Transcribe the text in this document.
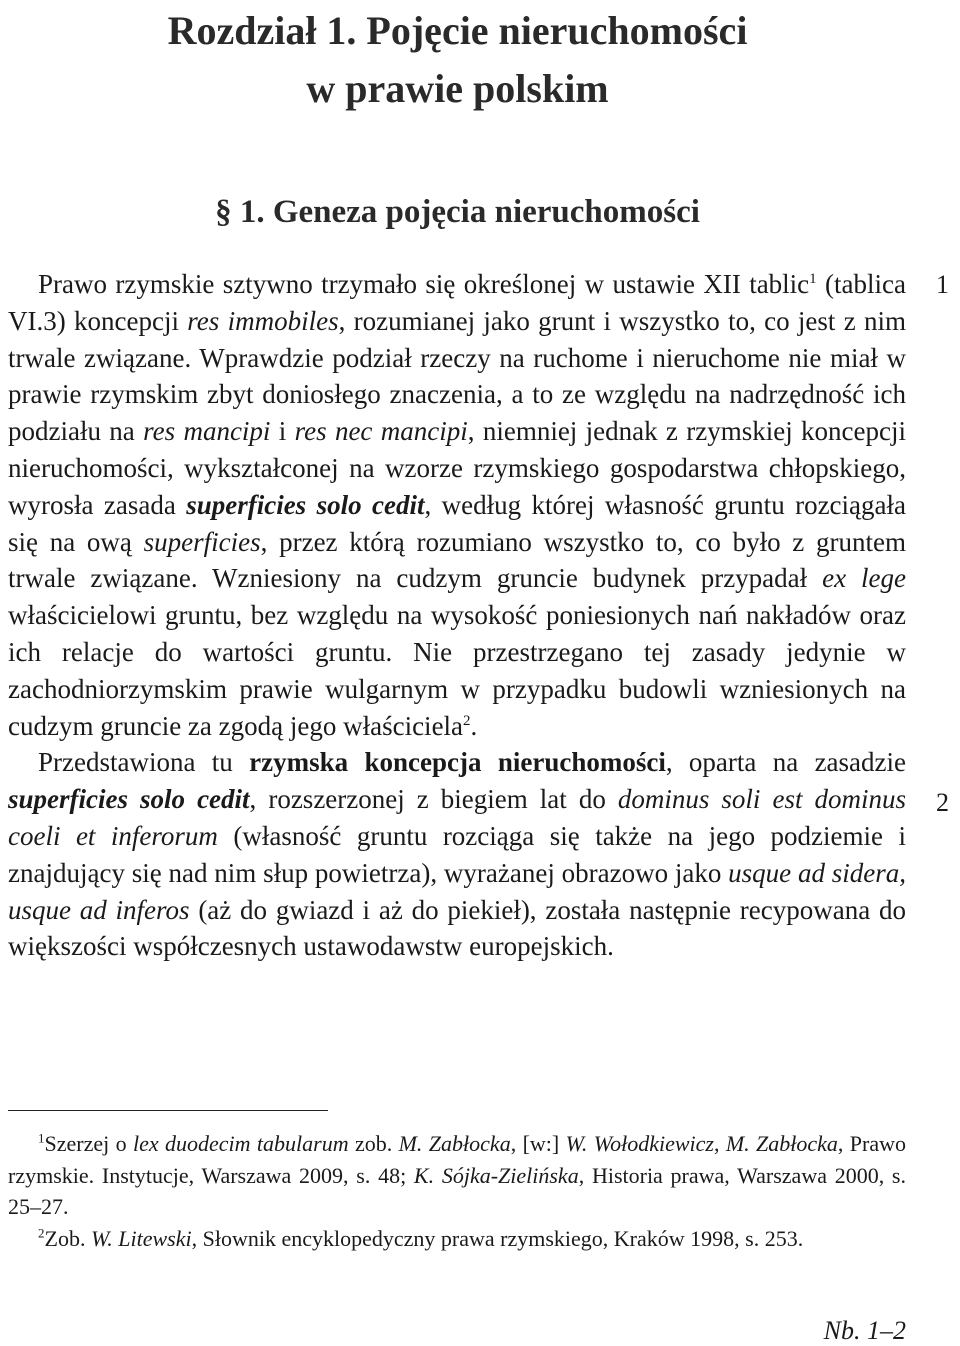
Rozdział 1. Pojęcie nieruchomości
w prawie polskim
§ 1. Geneza pojęcia nieruchomości
1
2

Prawo rzymskie sztywno trzymało się określonej w ustawie XII tablic$^1$ (tablica VI.3) koncepcji res immobiles, rozumianej jako grunt i wszystko to, co jest z nim trwale związane. Wprawdzie podział rzeczy na ruchome i nieruchome nie miał w prawie rzymskim zbyt doniosłego znaczenia, a to ze względu na nadrzędność ich podziału na res mancipi i res nec mancipi, niemniej jednak z rzymskiej koncepcji nieruchomości, wykształconej na wzorze rzymskiego gospodarstwa chłopskiego, wyrosła zasada superficies solo cedit, według której własność gruntu rozciągała się na ową superficies, przez którą rozumiano wszystko to, co było z gruntem trwale związane. Wzniesiony na cudzym gruncie budynek przypadał ex lege właścicielowi gruntu, bez względu na wysokość poniesionych nań nakładów oraz ich relacje do wartości gruntu. Nie przestrzegano tej zasady jedynie w zachodniorzymskim prawie wulgarnym w przypadku budowli wzniesionych na cudzym gruncie za zgodą jego właściciela$^2$.

Przedstawiona tu rzymska koncepcja nieruchomości, oparta na zasadzie superficies solo cedit, rozszerzonej z biegiem lat do dominus soli est dominus coeli et inferorum (własność gruntu rozciąga się także na jego podziemie i znajdujący się nad nim słup powietrza), wyrażanej obrazowo jako usque ad sidera, usque ad inferos (aż do gwiazd i aż do piekieł), została następnie recypowana do większości współczesnych ustawodawstw europejskich.

$^1$Szerzej o lex duodecim tabularum zob. M. Zabłocka, [w:] W. Wołodkiewicz, M. Zabłocka, Prawo rzymskie. Instytucje, Warszawa 2009, s. 48; K. Sójka-Zielińska, Historia prawa, Warszawa 2000, s. 25–27.

$^2$Zob. W. Litewski, Słownik encyklopedyczny prawa rzymskiego, Kraków 1998, s. 253.

Nb. 1–2
